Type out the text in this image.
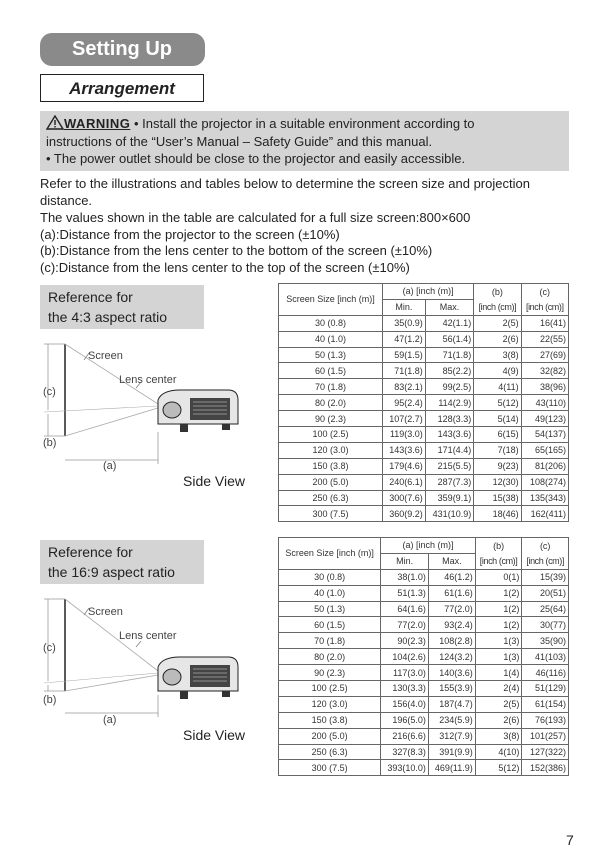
Setting Up
Arrangement
WARNING • Install the projector in a suitable environment according to
instructions of the “User’s Manual – Safety Guide” and this manual.
• The power outlet should be close to the projector and easily accessible.
Refer to the illustrations and tables below to determine the screen size and projection
distance.
The values shown in the table are calculated for a full size screen:800×600
(a):Distance from the projector to the screen (±10%)
(b):Distance from the lens center to the bottom of the screen (±10%)
(c):Distance from the lens center to the top of the screen (±10%)
Reference for
the 4:3 aspect ratio
Screen
Lens center
(c)
(b)
(a)
Side View
Screen Size [inch (m)]	(a) [inch (m)]		(b)	(c)
	Min.	Max.	[inch (cm)]	[inch (cm)]
30 (0.8)	35(0.9)	42(1.1)	2(5)	16(41)
40 (1.0)	47(1.2)	56(1.4)	2(6)	22(55)
50 (1.3)	59(1.5)	71(1.8)	3(8)	27(69)
60 (1.5)	71(1.8)	85(2.2)	4(9)	32(82)
70 (1.8)	83(2.1)	99(2.5)	4(11)	38(96)
80 (2.0)	95(2.4)	114(2.9)	5(12)	43(110)
90 (2.3)	107(2.7)	128(3.3)	5(14)	49(123)
100 (2.5)	119(3.0)	143(3.6)	6(15)	54(137)
120 (3.0)	143(3.6)	171(4.4)	7(18)	65(165)
150 (3.8)	179(4.6)	215(5.5)	9(23)	81(206)
200 (5.0)	240(6.1)	287(7.3)	12(30)	108(274)
250 (6.3)	300(7.6)	359(9.1)	15(38)	135(343)
300 (7.5)	360(9.2)	431(10.9)	18(46)	162(411)
Reference for
the 16:9 aspect ratio
Screen
Lens center
(c)
(b)
(a)
Side View
Screen Size [inch (m)]	(a) [inch (m)]		(b)	(c)
	Min.	Max.	[inch (cm)]	[inch (cm)]
30 (0.8)	38(1.0)	46(1.2)	0(1)	15(39)
40 (1.0)	51(1.3)	61(1.6)	1(2)	20(51)
50 (1.3)	64(1.6)	77(2.0)	1(2)	25(64)
60 (1.5)	77(2.0)	93(2.4)	1(2)	30(77)
70 (1.8)	90(2.3)	108(2.8)	1(3)	35(90)
80 (2.0)	104(2.6)	124(3.2)	1(3)	41(103)
90 (2.3)	117(3.0)	140(3.6)	1(4)	46(116)
100 (2.5)	130(3.3)	155(3.9)	2(4)	51(129)
120 (3.0)	156(4.0)	187(4.7)	2(5)	61(154)
150 (3.8)	196(5.0)	234(5.9)	2(6)	76(193)
200 (5.0)	216(6.6)	312(7.9)	3(8)	101(257)
250 (6.3)	327(8.3)	391(9.9)	4(10)	127(322)
300 (7.5)	393(10.0)	469(11.9)	5(12)	152(386)
7
